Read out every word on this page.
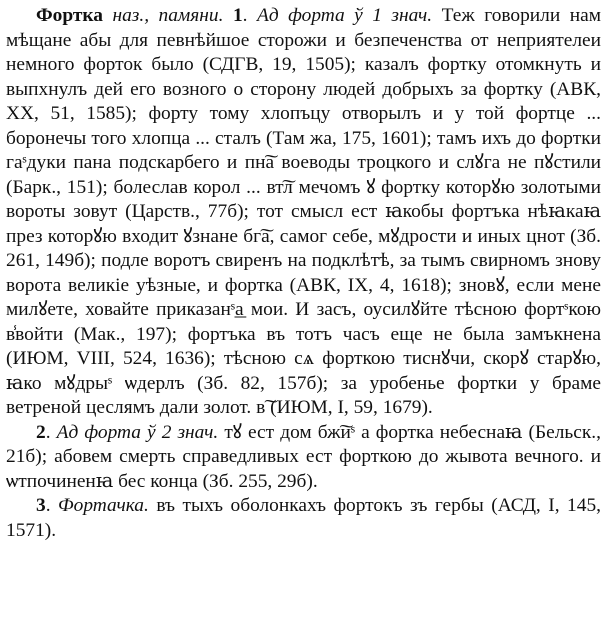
Фортка наз., памяни. 1. Ад форта ў 1 знач. Теж говорили нам мѣщане абы для певнѣйшое сторожи и безпеченства от неприятелеи немного форток было (СДГВ, 19, 1505); казалъ фортку отомкнуть и выпхнулъ дей его возного о сторону людей добрыхъ за фортку (АВК, XX, 51, 1585); форту тому хлопъцу отворылъ и у той фортце ... боронечы того хлопца ... сталъ (Там жа, 175, 1601); тамъ ихъ до фортки гаˢдуки пана подскарбего и пн͠а воеводы троцкого и слꙋга не пꙋстили (Барк., 151); болеслав корол ... вт͠л мечомъ ꙋ фортку которꙋю золотыми вороты зовут (Царств., 77б); тот смысл ест ꙗкобы фортъка нѣꙗкаꙗ през которꙋю входит ꙋзнане бг͠а, самог себе, мꙋдрости и иных цнот (Зб. 261, 149б); подле воротъ свиренъ на подклѣтѣ, за тымъ свирномъ знову ворота великіе уѣзные, и фортка (АВК, IX, 4, 1618); зновꙋ, если мене милꙋете, ховайте приказанˢ͟а мои. И засъ, оусилꙋйте тѣсною фортˢкою в̾войти (Мак., 197); фортъка въ тотъ часъ еще не была замъкнена (ИЮМ, VIII, 524, 1636); тѣсною сѧ форткою тиснꙋчи, скорꙋ старꙋю, ꙗко мꙋдрыˢ ѡдерлъ (Зб. 82, 157б); за уробенье фортки у браме ветреной цеслямъ дали золот. в͠ (ИЮМ, I, 59, 1679).

2. Ад форта ў 2 знач. тꙋ ест дом бж͠иˢ а фортка небеснаꙗ (Бельск., 21б); абовем смерть справедливых ест форткою до жывота вечного. и ѡтпочиненꙗ бес конца (Зб. 255, 29б).

3. Фортачка. въ тыхъ оболонкахъ фортокъ зъ гербы (АСД, I, 145, 1571).
